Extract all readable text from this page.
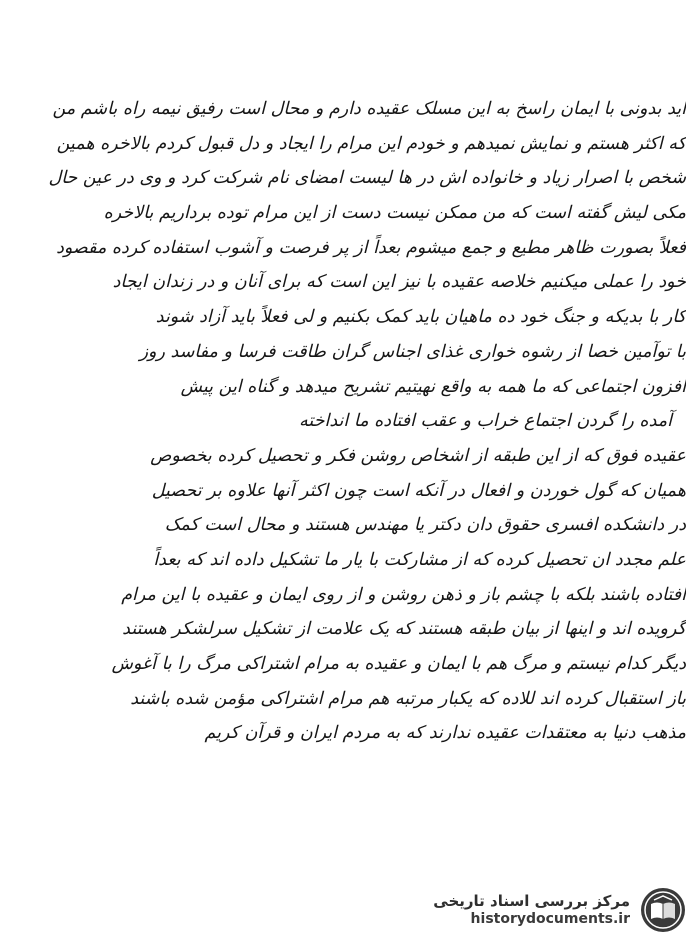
اید بدونی با ایمان راسخ به این مسلک عقیده دارم و محال است رفیق نیمه راه باشم من
که اکثر هستم و نمایش نمیدهم و خودم این مرام را ایجاد و دل قبول کردم بالاخره همین
شخص با اصرار زیاد و خانواده اش در ها لیست امضای نام شرکت کرد و وی در عین حال
مکی لیش گفته است که من ممکن نیست دست از این مرام توده برداریم بالاخره
فعلاً بصورت ظاهر مطیع و جمع میشوم بعداً از پر فرصت و آشوب استفاده کرده مقصود
خود را عملی میکنیم خلاصه عقیده با نیز این است که برای آنان و در زندان ایجاد
کار با بدیکه و جنگ خود ده ماهیان باید کمک بکنیم و لی فعلاً باید آزاد شوند
با توآمین خصا از رشوه خواری غذای اجناس گران طاقت فرسا و مفاسد روز
افزون اجتماعی که ما همه به واقع نهیتیم تشریح میدهد و گناه این پیش
آمده را گردن اجتماع خراب و عقب افتاده ما انداخته
عقیده فوق که از این طبقه از اشخاص روشن فکر و تحصیل کرده بخصوص
همیان که گول خوردن و افعال در آنکه است چون اکثر آنها علاوه بر تحصیل
در دانشکده افسری حقوق دان دکتر یا مهندس هستند و محال است کمک
علم مجدد ان تحصیل کرده که از مشارکت با یار ما تشکیل داده اند که بعداً
افتاده باشند بلکه با چشم باز و ذهن روشن و از روی ایمان و عقیده با این مرام
گرویده اند و اینها از بیان طبقه هستند که یک علامت از تشکیل سرلشکر هستند
دیگر کدام نیستم و مرگ هم با ایمان و عقیده به مرام اشتراکی مرگ را با آغوش
باز استقبال کرده اند للاده که یکبار مرتبه هم مرام اشتراکی مؤمن شده باشند
مذهب دنیا به معتقدات عقیده ندارند که به مردم ایران و قرآن کریم
مرکز بررسی اسناد تاریخی
historydocuments.ir
